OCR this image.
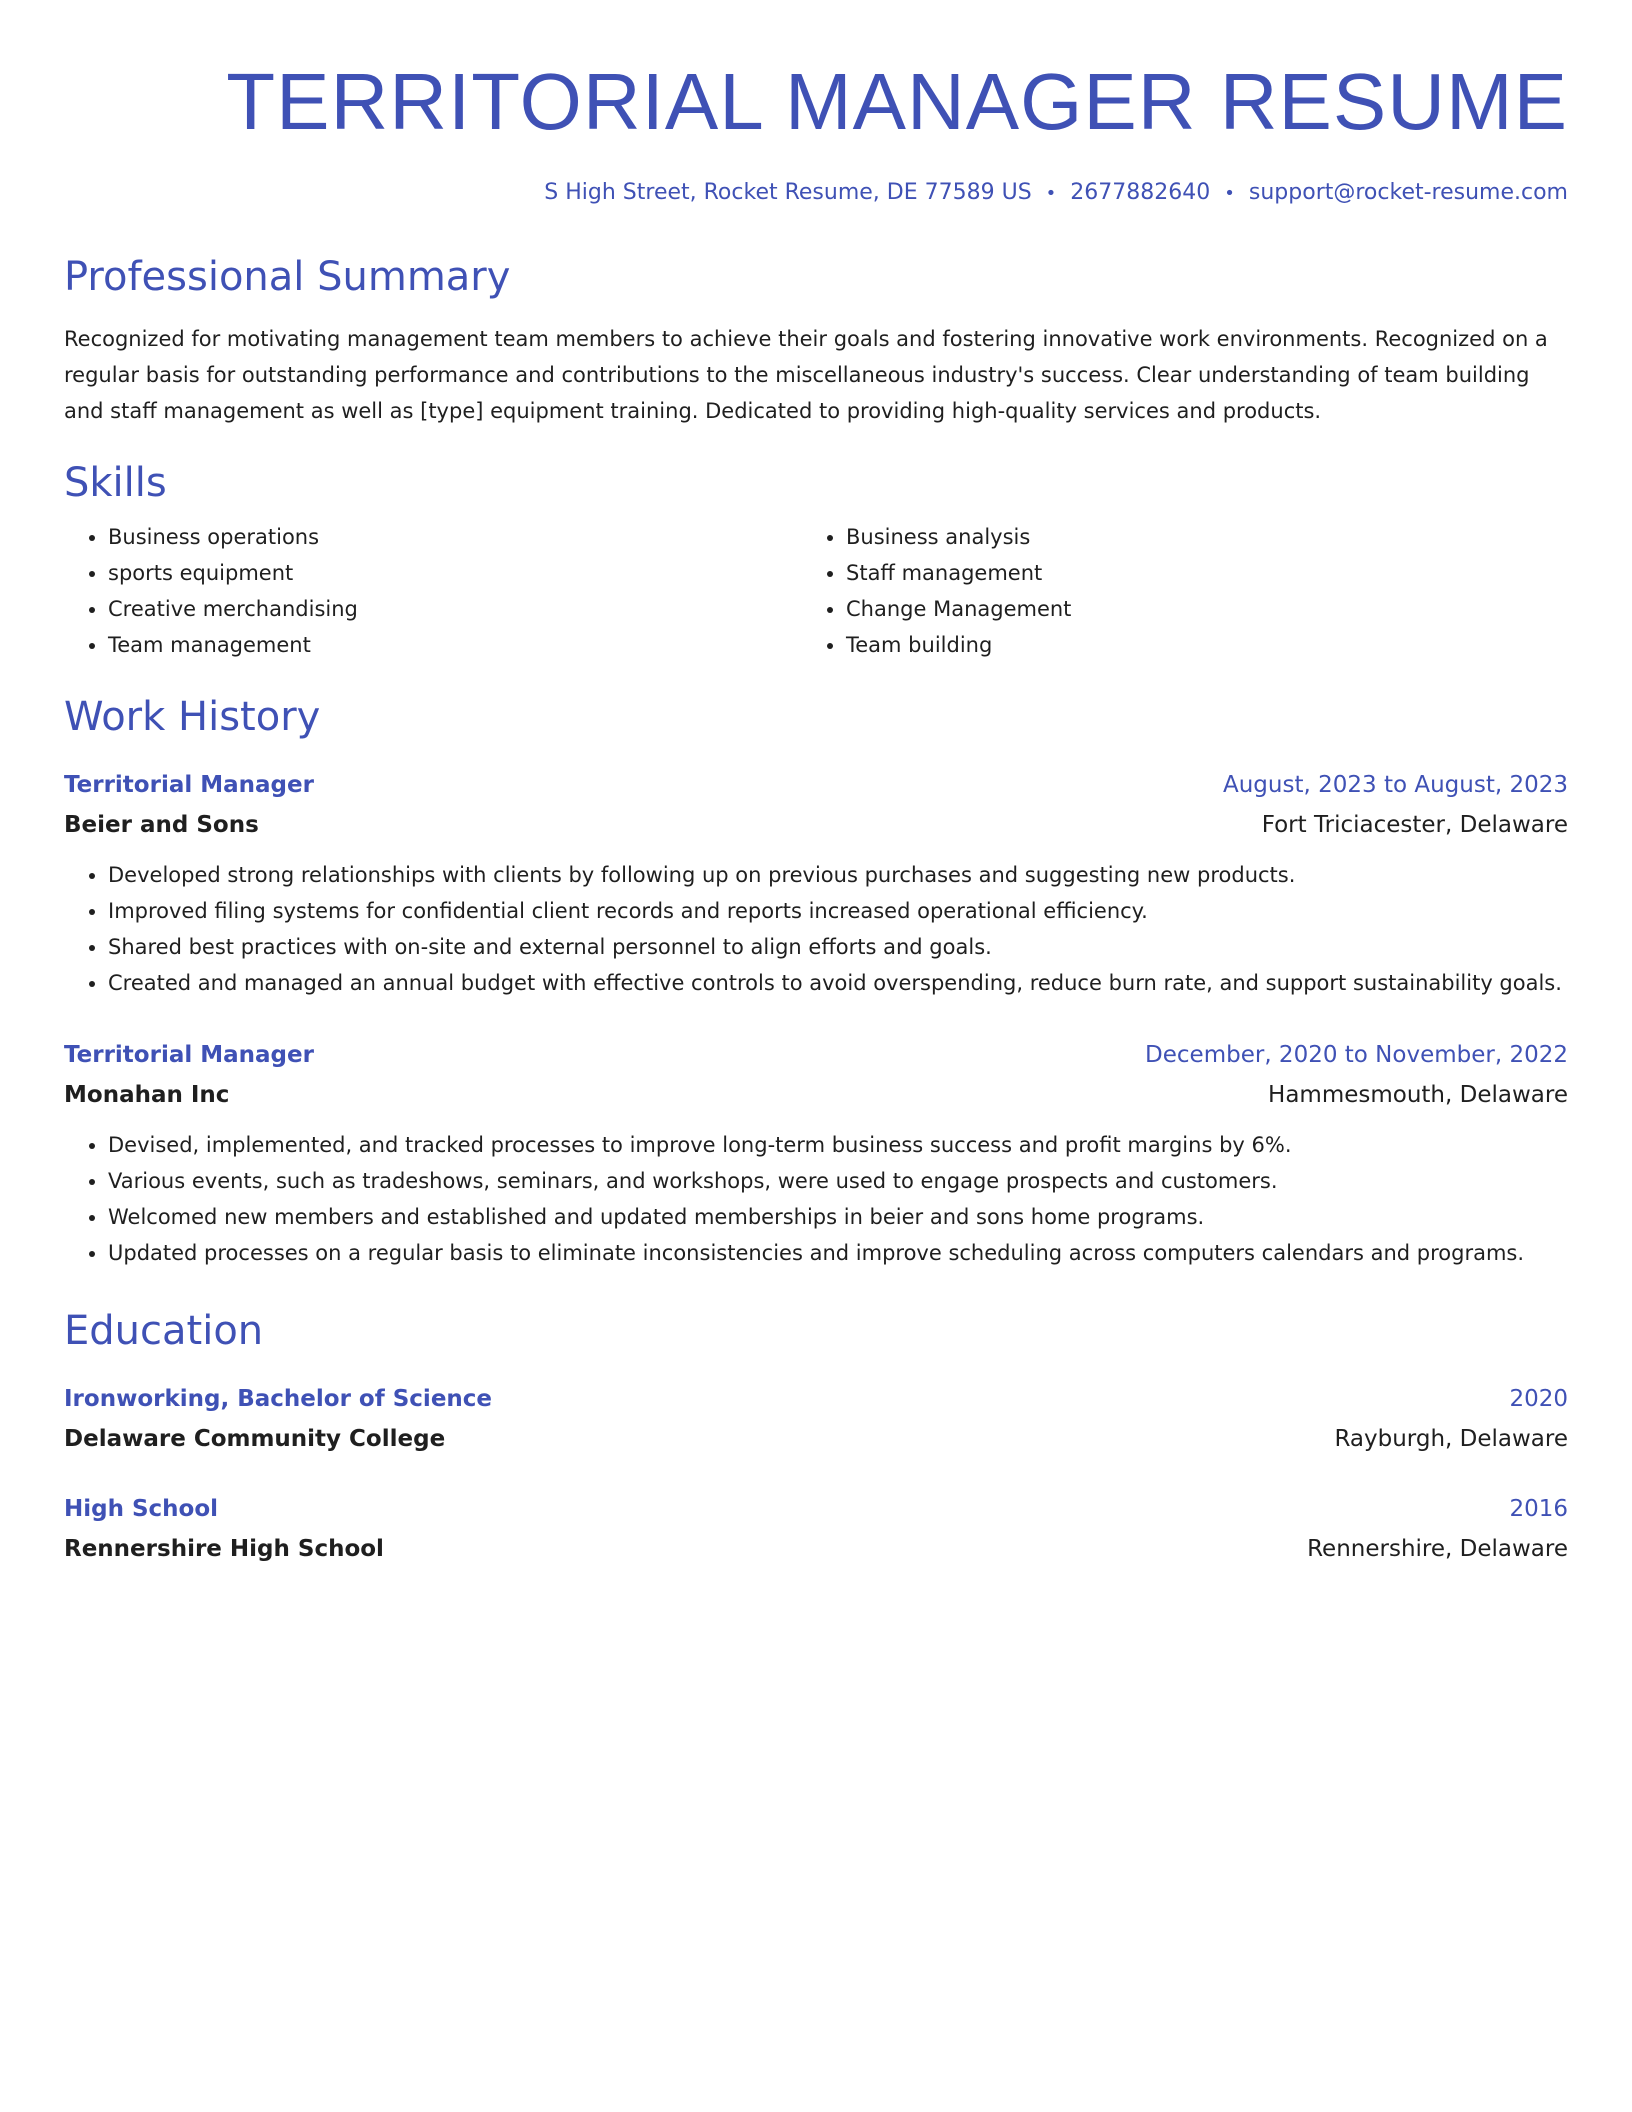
TERRITORIAL MANAGER RESUME
S High Street, Rocket Resume, DE 77589 US • 2677882640 • support@rocket-resume.com
Professional Summary

Recognized for motivating management team members to achieve their goals and fostering innovative work environments. Recognized on a regular basis for outstanding performance and contributions to the miscellaneous industry's success. Clear understanding of team building and staff management as well as [type] equipment training. Dedicated to providing high-quality services and products.

Skills
• Business operations
• sports equipment
• Creative merchandising
• Team management
• Business analysis
• Staff management
• Change Management
• Team building
Work History
Territorial Manager	August, 2023 to August, 2023
Beier and Sons	Fort Triciacester, Delaware
• Developed strong relationships with clients by following up on previous purchases and suggesting new products.
• Improved filing systems for confidential client records and reports increased operational efficiency.
• Shared best practices with on-site and external personnel to align efforts and goals.
• Created and managed an annual budget with effective controls to avoid overspending, reduce burn rate, and support sustainability goals.
Territorial Manager	December, 2020 to November, 2022
Monahan Inc	Hammesmouth, Delaware
• Devised, implemented, and tracked processes to improve long-term business success and profit margins by 6%.
• Various events, such as tradeshows, seminars, and workshops, were used to engage prospects and customers.
• Welcomed new members and established and updated memberships in beier and sons home programs.
• Updated processes on a regular basis to eliminate inconsistencies and improve scheduling across computers calendars and programs.
Education
Ironworking, Bachelor of Science	2020
Delaware Community College	Rayburgh, Delaware
High School	2016
Rennershire High School	Rennershire, Delaware
